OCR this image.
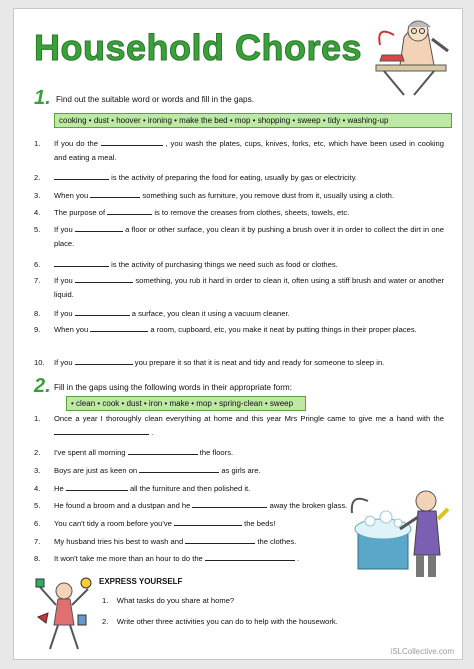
Household Chores
1. Find out the suitable word or words and fill in the gaps.
cooking • dust • hoover • ironing • make the bed • mop • shopping • sweep • tidy • washing-up
1.	If you do the	, you wash the plates, cups, knives, forks, etc, which have been used in cooking and eating a meal.
2.	is the activity of preparing the food for eating, usually by gas or electricity.
3.	When you	something such as furniture, you remove dust from it, usually using a cloth.
4.	The purpose of	is to remove the creases from clothes, sheets, towels, etc.
5.	If you	a floor or other surface, you clean it by pushing a brush over it in order to collect the dirt in one place.
6.	is the activity of purchasing things we need such as food or clothes.
7.	If you	something, you rub it hard in order to clean it, often using a stiff brush and water or another liquid.
8.	If you	a surface, you clean it using a vacuum cleaner.
9.	When you	a room, cupboard, etc, you make it neat by putting things in their proper places.
10.	If you	you prepare it so that it is neat and tidy and ready for someone to sleep in.
2. Fill in the gaps using the following words in their appropriate form:
• clean • cook • dust • iron • make • mop • spring-clean • sweep
1.	Once a year I thoroughly clean everything at home and this year Mrs Pringle came to give me a hand with the  .
2.	I've spent all morning	the floors.
3.	Boys are just as keen on	as girls are.
4.	He	all the furniture and then polished it.
5.	He found a broom and a dustpan and he	away the broken glass.
6.	You can't tidy a room before you've	the beds!
7.	My husband tries his best to wash and	the clothes.
8.	It won't take me more than an hour to do the	.
EXPRESS YOURSELF
1. What tasks do you share at home?
2. Write other three activities you can do to help with the housework.
iSLCollective.com
